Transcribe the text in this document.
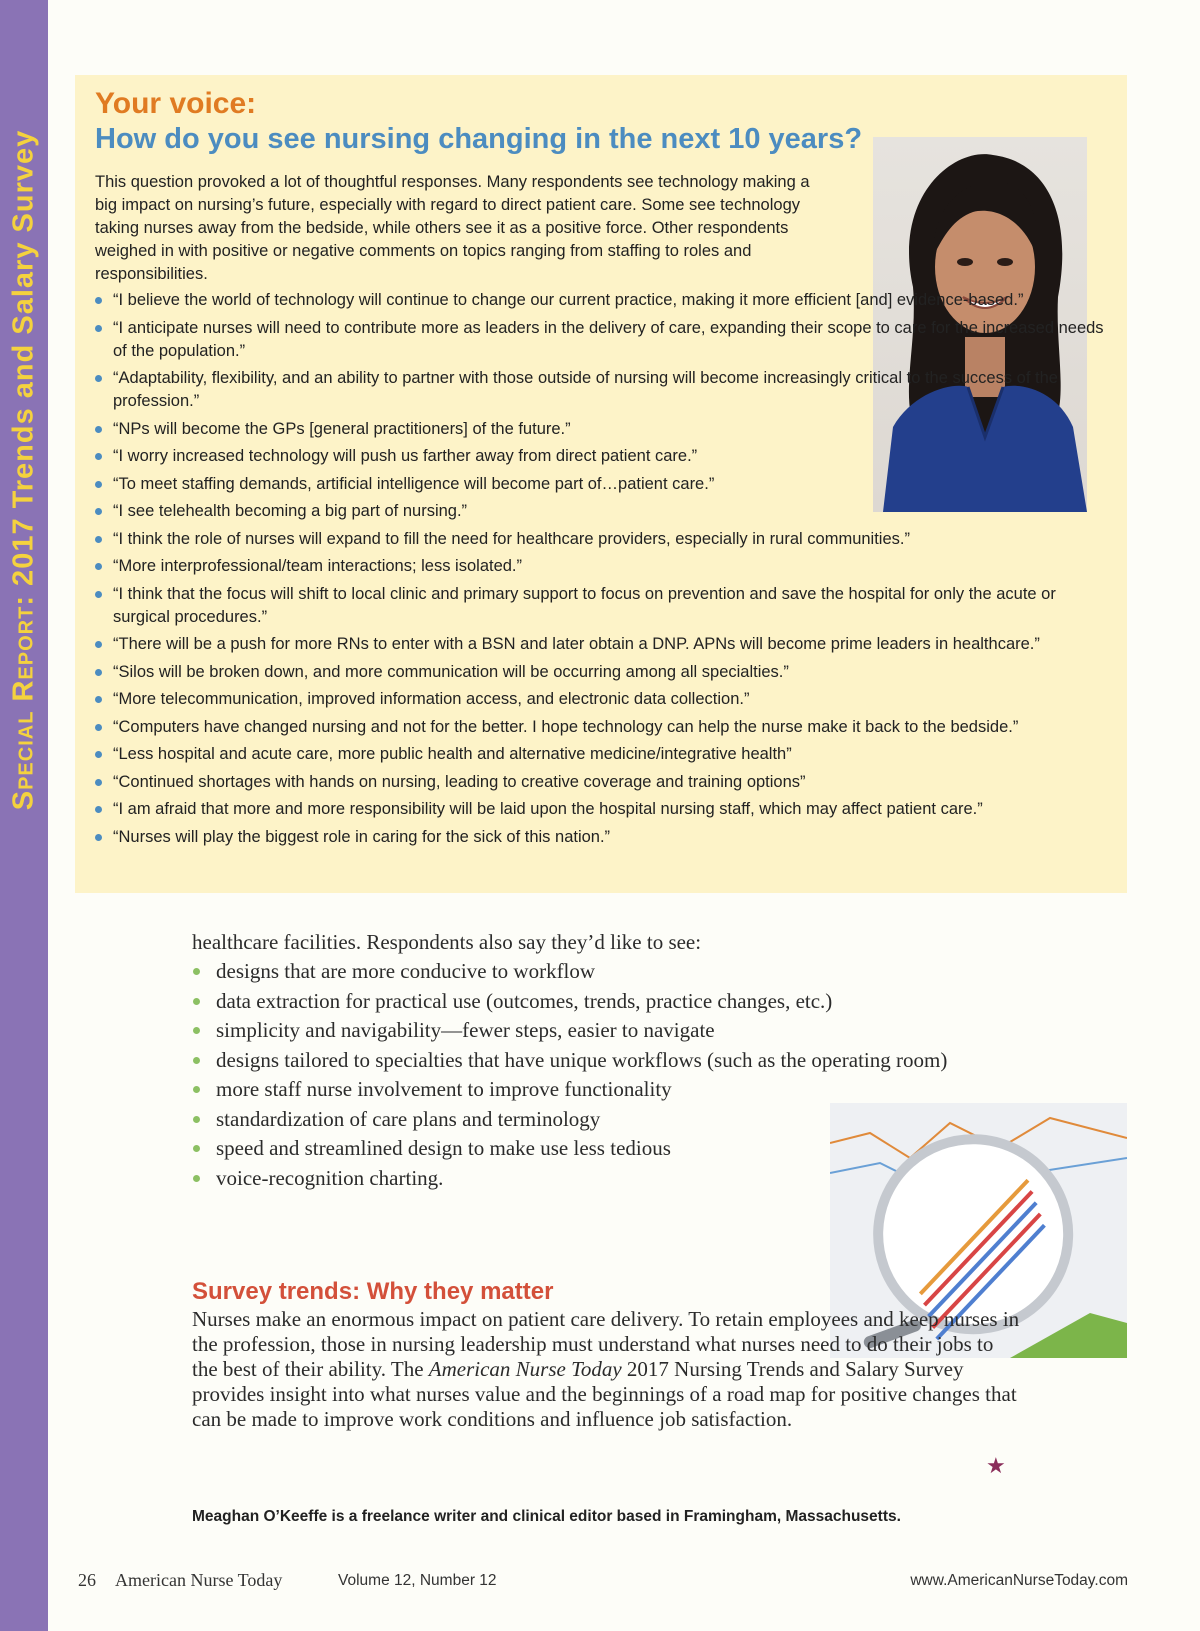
Special Report: 2017 Trends and Salary Survey
Your voice:
How do you see nursing changing in the next 10 years?
This question provoked a lot of thoughtful responses. Many respondents see technology making a big impact on nursing’s future, especially with regard to direct patient care. Some see technology taking nurses away from the bedside, while others see it as a positive force. Other respondents weighed in with positive or negative comments on topics ranging from staffing to roles and responsibilities.
“I believe the world of technology will continue to change our current practice, making it more efficient [and] evidence-based.”
“I anticipate nurses will need to contribute more as leaders in the delivery of care, expanding their scope to care for the increased needs of the population.”
“Adaptability, flexibility, and an ability to partner with those outside of nursing will become increasingly critical to the success of the profession.”
“NPs will become the GPs [general practitioners] of the future.”
“I worry increased technology will push us farther away from direct patient care.”
“To meet staffing demands, artificial intelligence will become part of…patient care.”
“I see telehealth becoming a big part of nursing.”
“I think the role of nurses will expand to fill the need for healthcare providers, especially in rural communities.”
“More interprofessional/team interactions; less isolated.”
“I think that the focus will shift to local clinic and primary support to focus on prevention and save the hospital for only the acute or surgical procedures.”
“There will be a push for more RNs to enter with a BSN and later obtain a DNP. APNs will become prime leaders in healthcare.”
“Silos will be broken down, and more communication will be occurring among all specialties.”
“More telecommunication, improved information access, and electronic data collection.”
“Computers have changed nursing and not for the better. I hope technology can help the nurse make it back to the bedside.”
“Less hospital and acute care, more public health and alternative medicine/integrative health”
“Continued shortages with hands on nursing, leading to creative coverage and training options”
“I am afraid that more and more responsibility will be laid upon the hospital nursing staff, which may affect patient care.”
“Nurses will play the biggest role in caring for the sick of this nation.”

healthcare facilities. Respondents also say they’d like to see:

designs that are more conducive to workflow
data extraction for practical use (outcomes, trends, practice changes, etc.)
simplicity and navigability—fewer steps, easier to navigate
designs tailored to specialties that have unique workflows (such as the operating room)
more staff nurse involvement to improve functionality
standardization of care plans and terminology
speed and streamlined design to make use less tedious
voice-recognition charting.
Survey trends: Why they matter

Nurses make an enormous impact on patient care delivery. To retain employees and keep nurses in the profession, those in nursing leadership must understand what nurses need to do their jobs to the best of their ability. The American Nurse Today 2017 Nursing Trends and Salary Survey provides insight into what nurses value and the beginnings of a road map for positive changes that can be made to improve work conditions and influence job satisfaction.

★
Meaghan O’Keeffe is a freelance writer and clinical editor based in Framingham, Massachusetts.
26 American Nurse Today	Volume 12, Number 12	www.AmericanNurseToday.com
